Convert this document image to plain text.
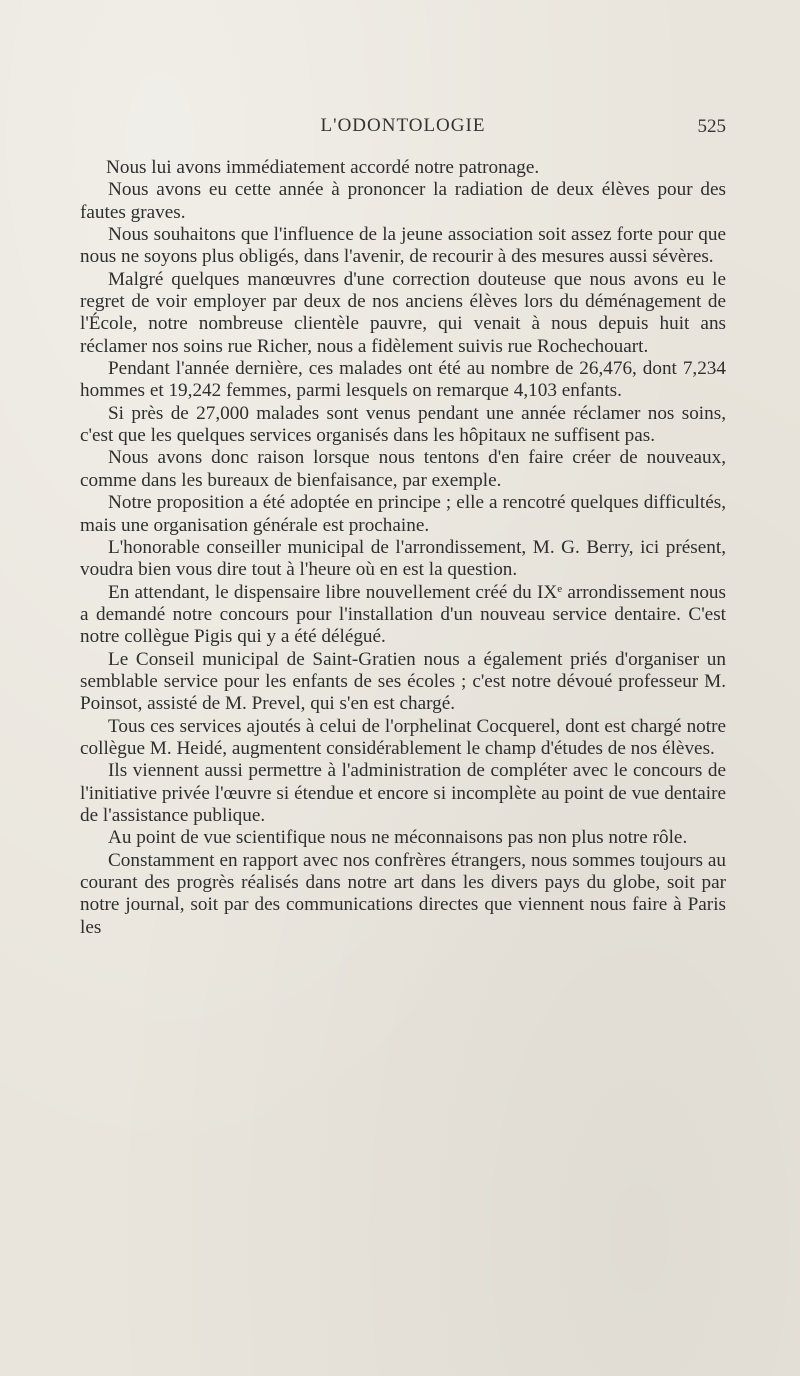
L'ODONTOLOGIE	525

Nous lui avons immédiatement accordé notre patronage.

Nous avons eu cette année à prononcer la radiation de deux élèves pour des fautes graves.

Nous souhaitons que l'influence de la jeune association soit assez forte pour que nous ne soyons plus obligés, dans l'avenir, de recourir à des mesures aussi sévères.

Malgré quelques manœuvres d'une correction douteuse que nous avons eu le regret de voir employer par deux de nos anciens élèves lors du déménagement de l'École, notre nombreuse clientèle pauvre, qui venait à nous depuis huit ans réclamer nos soins rue Richer, nous a fidèlement suivis rue Rochechouart.

Pendant l'année dernière, ces malades ont été au nombre de 26,476, dont 7,234 hommes et 19,242 femmes, parmi lesquels on remarque 4,103 enfants.

Si près de 27,000 malades sont venus pendant une année réclamer nos soins, c'est que les quelques services organisés dans les hôpitaux ne suffisent pas.

Nous avons donc raison lorsque nous tentons d'en faire créer de nouveaux, comme dans les bureaux de bienfaisance, par exemple.

Notre proposition a été adoptée en principe ; elle a rencotré quelques difficultés, mais une organisation générale est prochaine.

L'honorable conseiller municipal de l'arrondissement, M. G. Berry, ici présent, voudra bien vous dire tout à l'heure où en est la question.

En attendant, le dispensaire libre nouvellement créé du IXe arrondissement nous a demandé notre concours pour l'installation d'un nouveau service dentaire. C'est notre collègue Pigis qui y a été délégué.

Le Conseil municipal de Saint-Gratien nous a également priés d'organiser un semblable service pour les enfants de ses écoles ; c'est notre dévoué professeur M. Poinsot, assisté de M. Prevel, qui s'en est chargé.

Tous ces services ajoutés à celui de l'orphelinat Cocquerel, dont est chargé notre collègue M. Heidé, augmentent considérablement le champ d'études de nos élèves.

Ils viennent aussi permettre à l'administration de compléter avec le concours de l'initiative privée l'œuvre si étendue et encore si incomplète au point de vue dentaire de l'assistance publique.

Au point de vue scientifique nous ne méconnaisons pas non plus notre rôle.

Constamment en rapport avec nos confrères étrangers, nous sommes toujours au courant des progrès réalisés dans notre art dans les divers pays du globe, soit par notre journal, soit par des communications directes que viennent nous faire à Paris les
